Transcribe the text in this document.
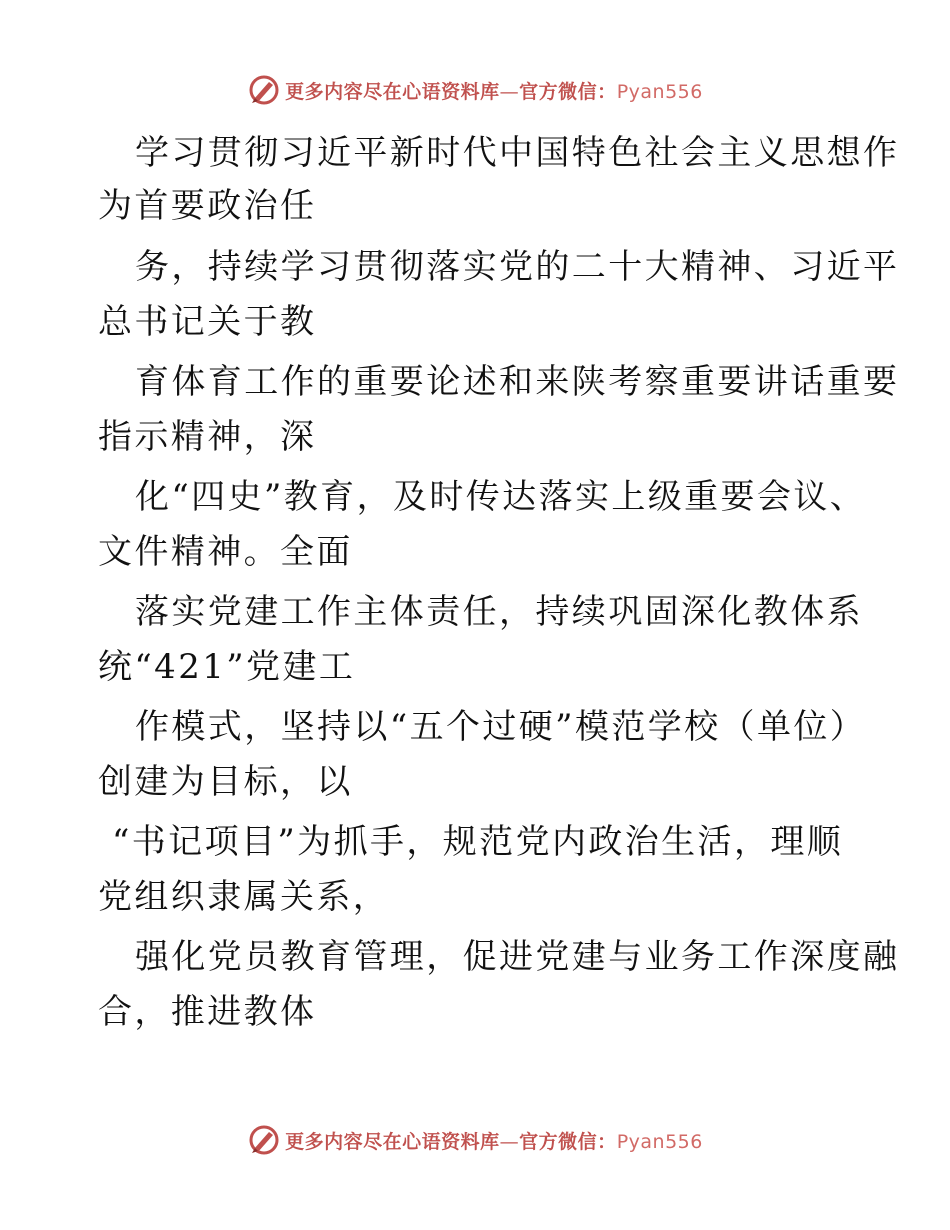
更多内容尽在心语资料库—官方微信：Pyan556
学习贯彻习近平新时代中国特色社会主义思想作
为首要政治任
务，持续学习贯彻落实党的二十大精神、习近平
总书记关于教
育体育工作的重要论述和来陕考察重要讲话重要
指示精神，深
化“四史”教育，及时传达落实上级重要会议、
文件精神。全面
落实党建工作主体责任，持续巩固深化教体系
统“421”党建工
作模式，坚持以“五个过硬”模范学校（单位）
创建为目标，以
“书记项目”为抓手，规范党内政治生活，理顺
党组织隶属关系，
强化党员教育管理，促进党建与业务工作深度融
合，推进教体
更多内容尽在心语资料库—官方微信：Pyan556
